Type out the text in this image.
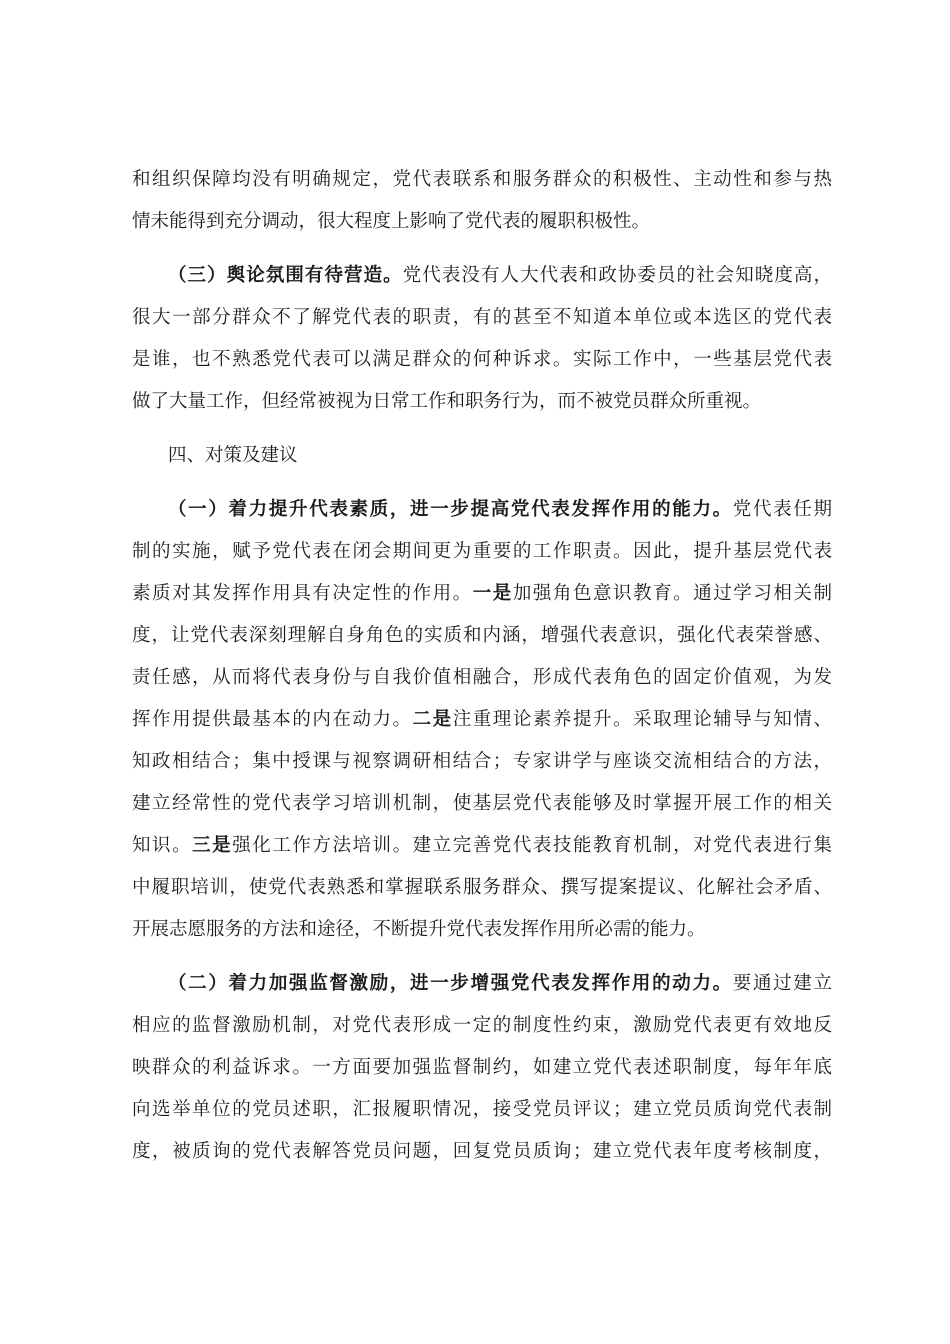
和组织保障均没有明确规定，党代表联系和服务群众的积极性、主动性和参与热
情未能得到充分调动，很大程度上影响了党代表的履职积极性。
（三）舆论氛围有待营造。党代表没有人大代表和政协委员的社会知晓度高，
很大一部分群众不了解党代表的职责，有的甚至不知道本单位或本选区的党代表
是谁，也不熟悉党代表可以满足群众的何种诉求。实际工作中，一些基层党代表
做了大量工作，但经常被视为日常工作和职务行为，而不被党员群众所重视。
四、对策及建议
（一）着力提升代表素质，进一步提高党代表发挥作用的能力。党代表任期
制的实施，赋予党代表在闭会期间更为重要的工作职责。因此，提升基层党代表
素质对其发挥作用具有决定性的作用。一是加强角色意识教育。通过学习相关制
度，让党代表深刻理解自身角色的实质和内涵，增强代表意识，强化代表荣誉感、
责任感，从而将代表身份与自我价值相融合，形成代表角色的固定价值观，为发
挥作用提供最基本的内在动力。二是注重理论素养提升。采取理论辅导与知情、
知政相结合；集中授课与视察调研相结合；专家讲学与座谈交流相结合的方法，
建立经常性的党代表学习培训机制，使基层党代表能够及时掌握开展工作的相关
知识。三是强化工作方法培训。建立完善党代表技能教育机制，对党代表进行集
中履职培训，使党代表熟悉和掌握联系服务群众、撰写提案提议、化解社会矛盾、
开展志愿服务的方法和途径，不断提升党代表发挥作用所必需的能力。
（二）着力加强监督激励，进一步增强党代表发挥作用的动力。要通过建立
相应的监督激励机制，对党代表形成一定的制度性约束，激励党代表更有效地反
映群众的利益诉求。一方面要加强监督制约，如建立党代表述职制度，每年年底
向选举单位的党员述职，汇报履职情况，接受党员评议；建立党员质询党代表制
度，被质询的党代表解答党员问题，回复党员质询；建立党代表年度考核制度，
